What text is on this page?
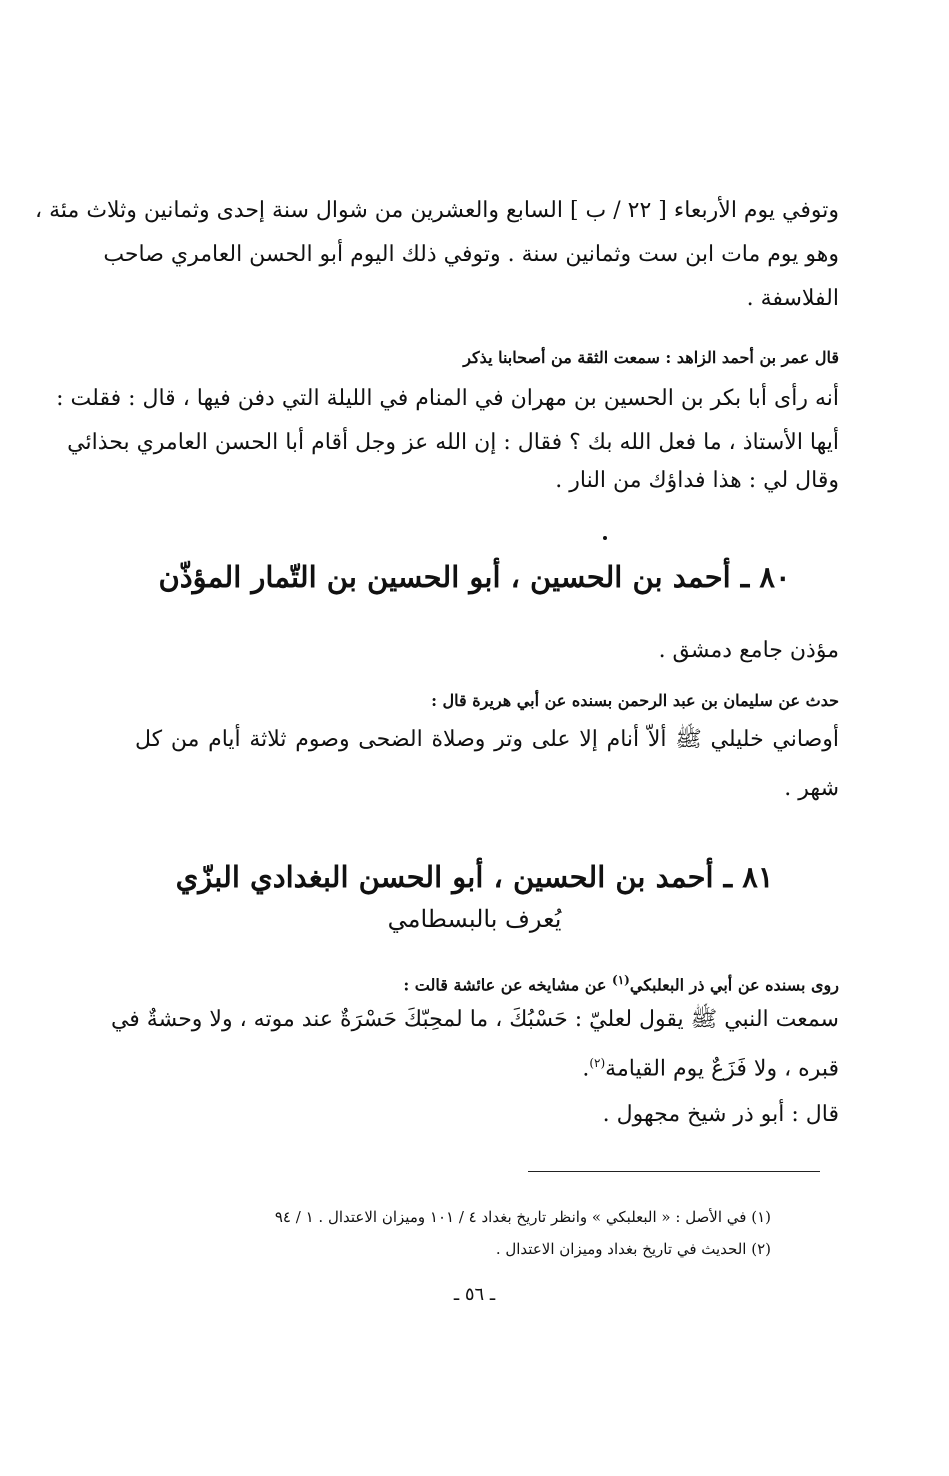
وتوفي يوم الأربعاء [ ٢٢ / ب ] السابع والعشرين من شوال سنة إحدى وثمانين وثلاث مئة ،
وهو يوم مات ابن ست وثمانين سنة . وتوفي ذلك اليوم أبو الحسن العامري صاحب
الفلاسفة .
قال عمر بن أحمد الزاهد : سمعت الثقة من أصحابنا يذكر
أنه رأى أبا بكر بن الحسين بن مهران في المنام في الليلة التي دفن فيها ، قال : فقلت :
أيها الأستاذ ، ما فعل الله بك ؟ فقال : إن الله عز وجل أقام أبا الحسن العامري بحذائي
وقال لي : هذا فداؤك من النار .
٨٠ ـ أحمد بن الحسين ، أبو الحسين بن التّمار المؤذّن
مؤذن جامع دمشق .
حدث عن سليمان بن عبد الرحمن بسنده عن أبي هريرة قال :
أوصاني خليلي ﷺ ألاّ أنام إلا على وتر وصلاة الضحى وصوم ثلاثة أيام من كل
شهر .
٨١ ـ أحمد بن الحسين ، أبو الحسن البغدادي البزّي
يُعرف بالبسطامي
روى بسنده عن أبي ذر البعلبكي$^{(١)}$ عن مشايخه عن عائشة قالت :
سمعت النبي ﷺ يقول لعليّ : حَسْبُكَ ، ما لمحِبّكَ حَسْرَةٌ عند موته ، ولا وحشةٌ في
قبره ، ولا فَزَعٌ يوم القيامة$^{(٢)}$.
قال : أبو ذر شيخ مجهول .
(١) في الأصل : « البعلبكي » وانظر تاريخ بغداد ٤ / ١٠١ وميزان الاعتدال . ١ / ٩٤
(٢) الحديث في تاريخ بغداد وميزان الاعتدال .
ـ ٥٦ ـ
